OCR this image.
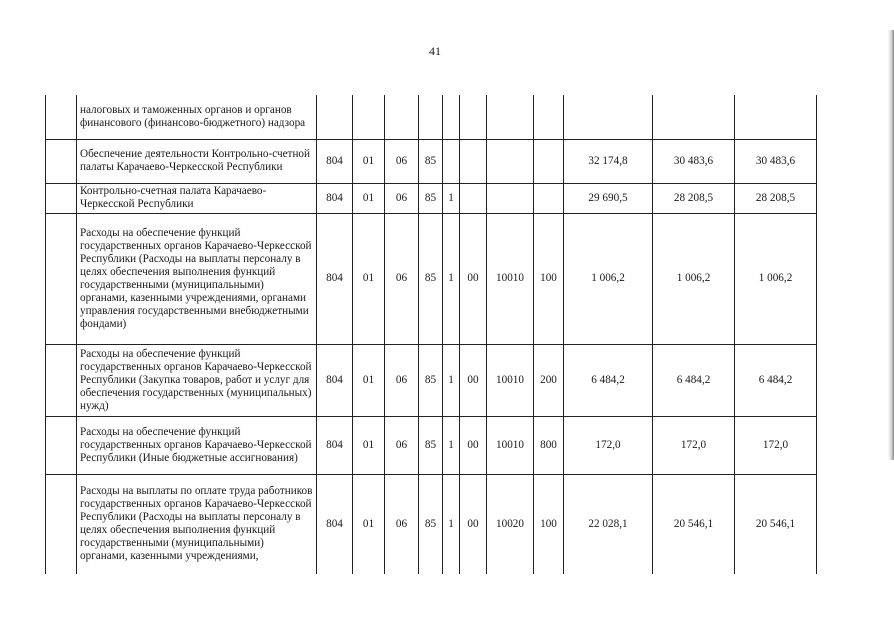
41
	налоговых и таможенных органов и органов финансового (финансово-бюджетного) надзора											
	Обеспечение деятельности Контрольно-счетной палаты Карачаево-Черкесской Республики	804	01	06	85					32 174,8	30 483,6	30 483,6
	Контрольно-счетная палата Карачаево-Черкесской Республики	804	01	06	85	1				29 690,5	28 208,5	28 208,5
	Расходы на обеспечение функций государственных органов Карачаево-Черкесской Республики (Расходы на выплаты персоналу в целях обеспечения выполнения функций государственными (муниципальными) органами, казенными учреждениями, органами управления государственными внебюджетными фондами)	804	01	06	85	1	00	10010	100	1 006,2	1 006,2	1 006,2
	Расходы на обеспечение функций государственных органов Карачаево-Черкесской Республики (Закупка товаров, работ и услуг для обеспечения государственных (муниципальных) нужд)	804	01	06	85	1	00	10010	200	6 484,2	6 484,2	6 484,2
	Расходы на обеспечение функций государственных органов Карачаево-Черкесской Республики (Иные бюджетные ассигнования)	804	01	06	85	1	00	10010	800	172,0	172,0	172,0
	Расходы на выплаты по оплате труда работников государственных органов Карачаево-Черкесской Республики (Расходы на выплаты персоналу в целях обеспечения выполнения функций государственными (муниципальными) органами, казенными учреждениями,	804	01	06	85	1	00	10020	100	22 028,1	20 546,1	20 546,1
